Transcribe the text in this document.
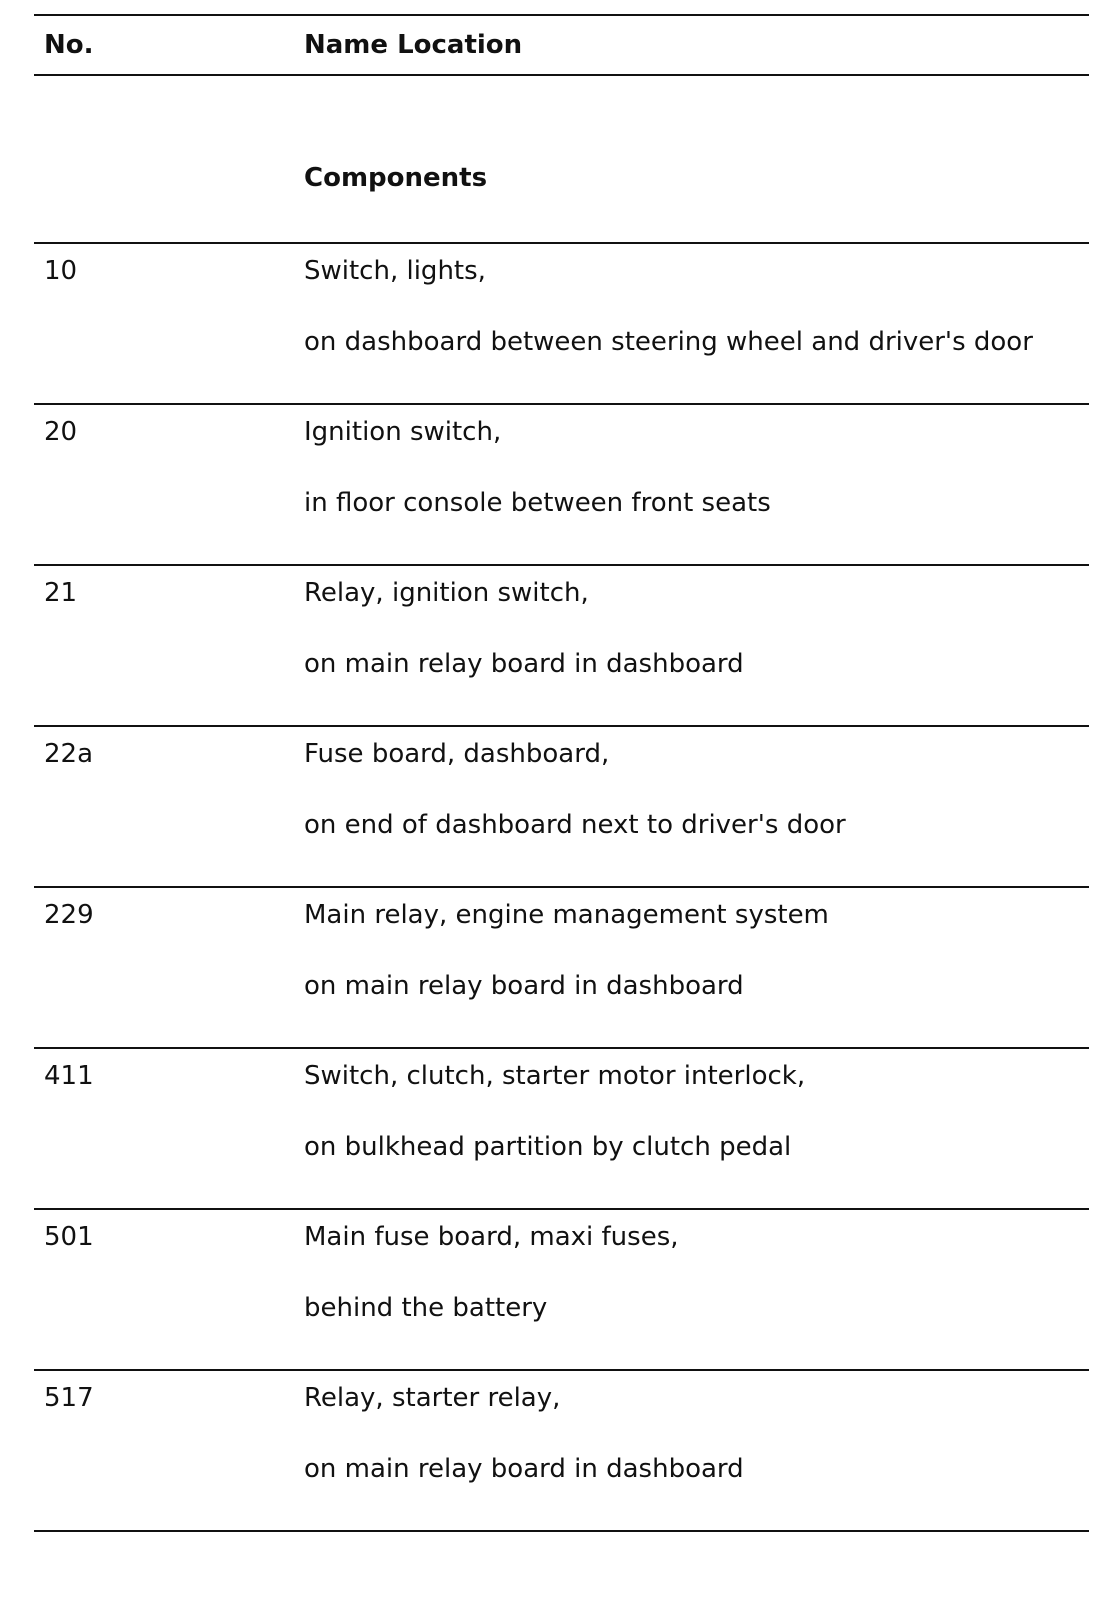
No.	Name Location
Components
10	Switch, lights,
on dashboard between steering wheel and driver's door
20	Ignition switch,
in floor console between front seats
21	Relay, ignition switch,
on main relay board in dashboard
22a	Fuse board, dashboard,
on end of dashboard next to driver's door
229	Main relay, engine management system
on main relay board in dashboard
411	Switch, clutch, starter motor interlock,
on bulkhead partition by clutch pedal
501	Main fuse board, maxi fuses,
behind the battery
517	Relay, starter relay,
on main relay board in dashboard
